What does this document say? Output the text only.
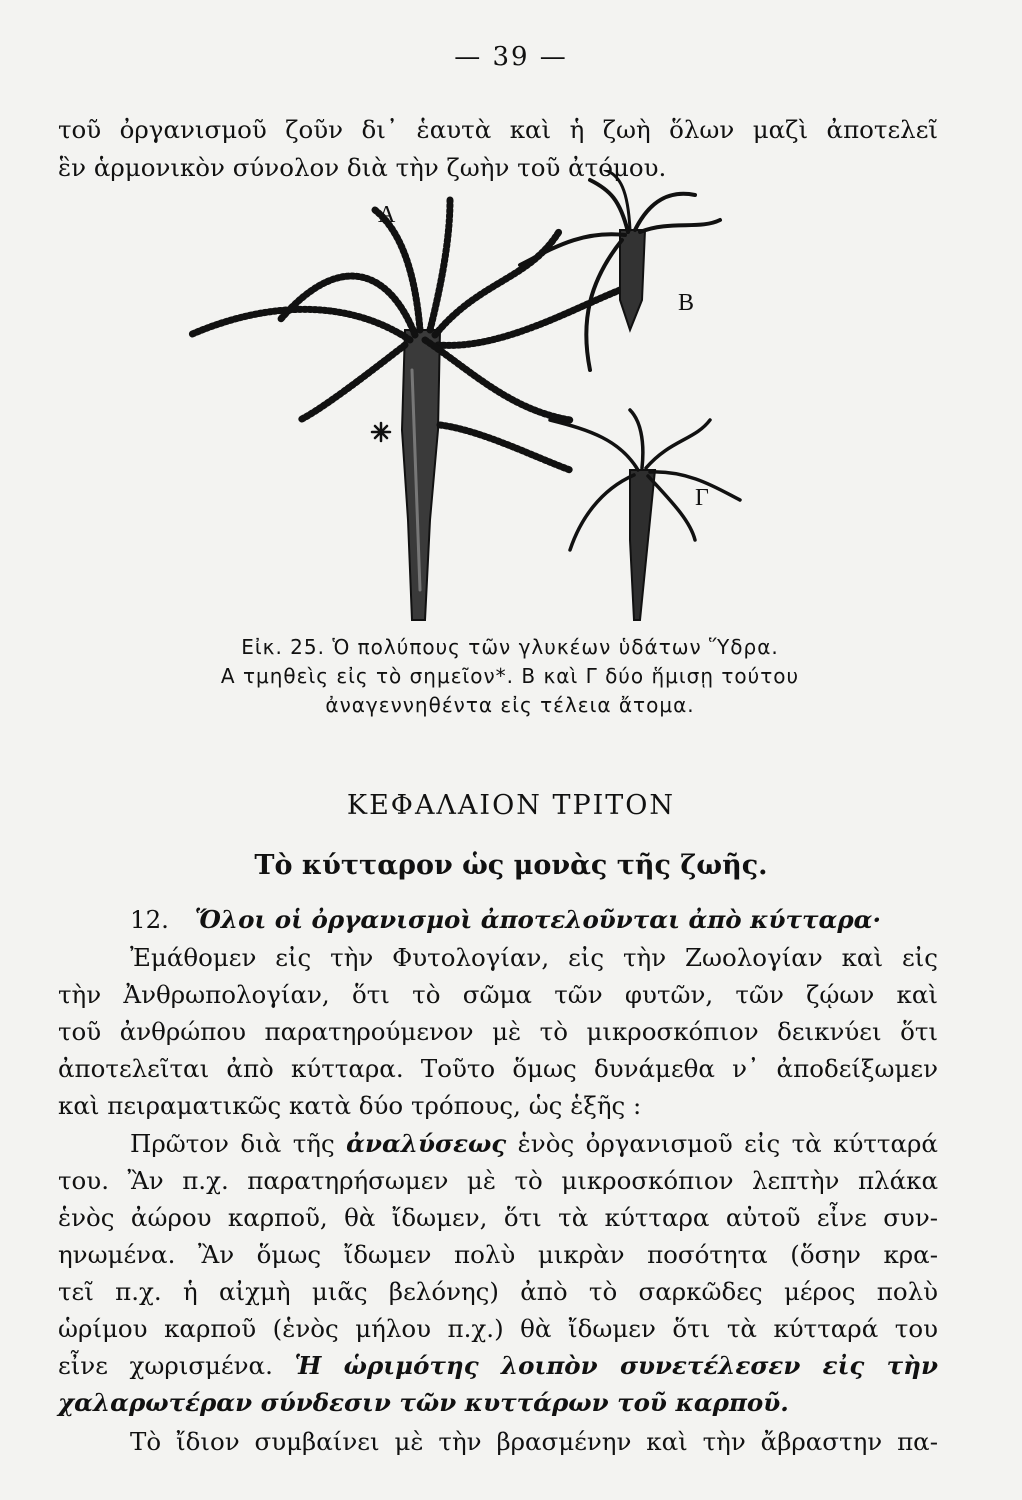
— 39 —
τοῦ ὀργανισμοῦ ζοῦν δι᾽ ἑαυτὰ καὶ ἡ ζωὴ ὅλων μαζὶ ἀποτελεῖ
ἓν ἁρμονικὸν σύνολον διὰ τὴν ζωὴν τοῦ ἀτόμου.
Α
Β
Γ
Εἰκ. 25. Ὁ πολύπους τῶν γλυκέων ὑδάτων Ὕδρα.
Α τμηθεὶς εἰς τὸ σημεῖον*. Β καὶ Γ δύο ἥμισῃ τούτου
ἀναγεννηθέντα εἰς τέλεια ἄτομα.
ΚΕΦΑΛΑΙΟΝ ΤΡΙΤΟΝ
Τὸ κύτταρον ὡς μονὰς τῆς ζωῆς.
12. Ὅλοι οἱ ὀργανισμοὶ ἀποτελοῦνται ἀπὸ κύτταρα·
Ἐμάθομεν εἰς τὴν Φυτολογίαν, εἰς τὴν Ζωολογίαν καὶ εἰς
τὴν Ἀνθρωπολογίαν, ὅτι τὸ σῶμα τῶν φυτῶν, τῶν ζῴων καὶ
τοῦ ἀνθρώπου παρατηρούμενον μὲ τὸ μικροσκόπιον δεικνύει ὅτι
ἀποτελεῖται ἀπὸ κύτταρα. Τοῦτο ὅμως δυνάμεθα ν᾽ ἀποδείξωμεν
καὶ πειραματικῶς κατὰ δύο τρόπους, ὡς ἑξῆς :
Πρῶτον διὰ τῆς ἀναλύσεως ἑνὸς ὀργανισμοῦ εἰς τὰ κύτταρά
του. Ἂν π.χ. παρατηρήσωμεν μὲ τὸ μικροσκόπιον λεπτὴν πλάκα
ἑνὸς ἀώρου καρποῦ, θὰ ἴδωμεν, ὅτι τὰ κύτταρα αὐτοῦ εἶνε συν-
ηνωμένα. Ἂν ὅμως ἴδωμεν πολὺ μικρὰν ποσότητα (ὅσην κρα-
τεῖ π.χ. ἡ αἰχμὴ μιᾶς βελόνης) ἀπὸ τὸ σαρκῶδες μέρος πολὺ
ὡρίμου καρποῦ (ἑνὸς μήλου π.χ.) θὰ ἴδωμεν ὅτι τὰ κύτταρά του
εἶνε χωρισμένα. Ἡ ὡριμότης λοιπὸν συνετέλεσεν εἰς τὴν
χαλαρωτέραν σύνδεσιν τῶν κυττάρων τοῦ καρποῦ.
Τὸ ἴδιον συμβαίνει μὲ τὴν βρασμένην καὶ τὴν ἄβραστην πα-
